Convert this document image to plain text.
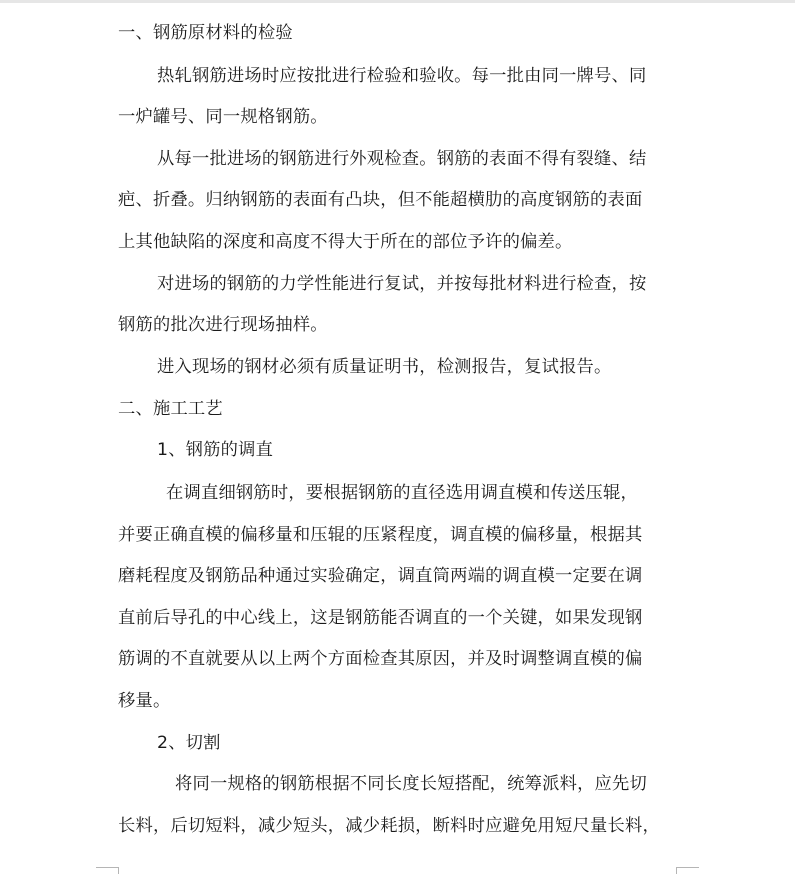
一、钢筋原材料的检验
热轧钢筋进场时应按批进行检验和验收。每一批由同一牌号、同
一炉罐号、同一规格钢筋。
从每一批进场的钢筋进行外观检查。钢筋的表面不得有裂缝、结
疤、折叠。归纳钢筋的表面有凸块，但不能超横肋的高度钢筋的表面
上其他缺陷的深度和高度不得大于所在的部位予许的偏差。
对进场的钢筋的力学性能进行复试，并按每批材料进行检查，按
钢筋的批次进行现场抽样。
进入现场的钢材必须有质量证明书，检测报告，复试报告。
二、施工工艺
1、钢筋的调直
在调直细钢筋时，要根据钢筋的直径选用调直模和传送压辊，
并要正确直模的偏移量和压辊的压紧程度，调直模的偏移量，根据其
磨耗程度及钢筋品种通过实验确定，调直筒两端的调直模一定要在调
直前后导孔的中心线上，这是钢筋能否调直的一个关键，如果发现钢
筋调的不直就要从以上两个方面检查其原因，并及时调整调直模的偏
移量。
2、切割
将同一规格的钢筋根据不同长度长短搭配，统筹派料，应先切
长料，后切短料，减少短头，减少耗损，断料时应避免用短尺量长料，
